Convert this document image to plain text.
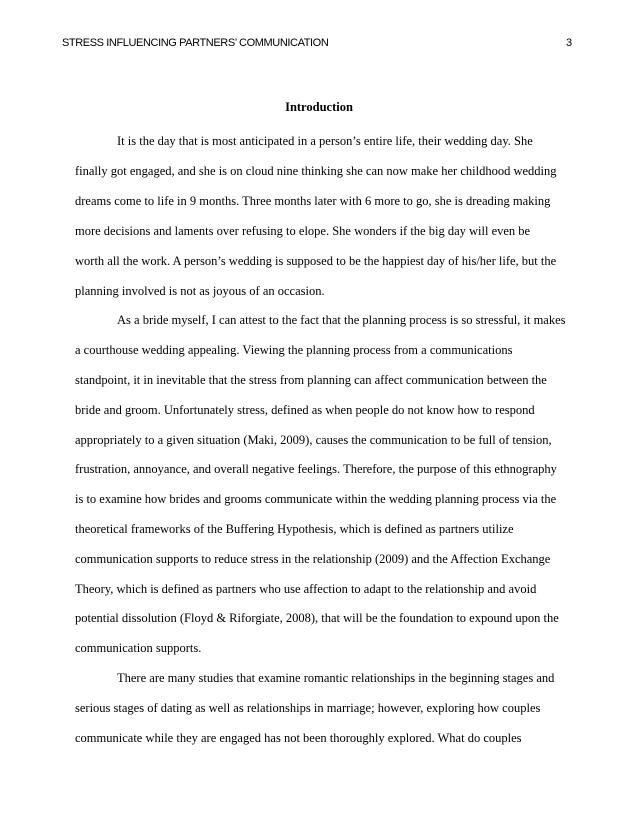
STRESS INFLUENCING PARTNERS’ COMMUNICATION	3
Introduction
It is the day that is most anticipated in a person’s entire life, their wedding day. She
finally got engaged, and she is on cloud nine thinking she can now make her childhood wedding
dreams come to life in 9 months. Three months later with 6 more to go, she is dreading making
more decisions and laments over refusing to elope. She wonders if the big day will even be
worth all the work. A person’s wedding is supposed to be the happiest day of his/her life, but the
planning involved is not as joyous of an occasion.
As a bride myself, I can attest to the fact that the planning process is so stressful, it makes
a courthouse wedding appealing. Viewing the planning process from a communications
standpoint, it in inevitable that the stress from planning can affect communication between the
bride and groom. Unfortunately stress, defined as when people do not know how to respond
appropriately to a given situation (Maki, 2009), causes the communication to be full of tension,
frustration, annoyance, and overall negative feelings. Therefore, the purpose of this ethnography
is to examine how brides and grooms communicate within the wedding planning process via the
theoretical frameworks of the Buffering Hypothesis, which is defined as partners utilize
communication supports to reduce stress in the relationship (2009) and the Affection Exchange
Theory, which is defined as partners who use affection to adapt to the relationship and avoid
potential dissolution (Floyd & Riforgiate, 2008), that will be the foundation to expound upon the
communication supports.
There are many studies that examine romantic relationships in the beginning stages and
serious stages of dating as well as relationships in marriage; however, exploring how couples
communicate while they are engaged has not been thoroughly explored. What do couples
